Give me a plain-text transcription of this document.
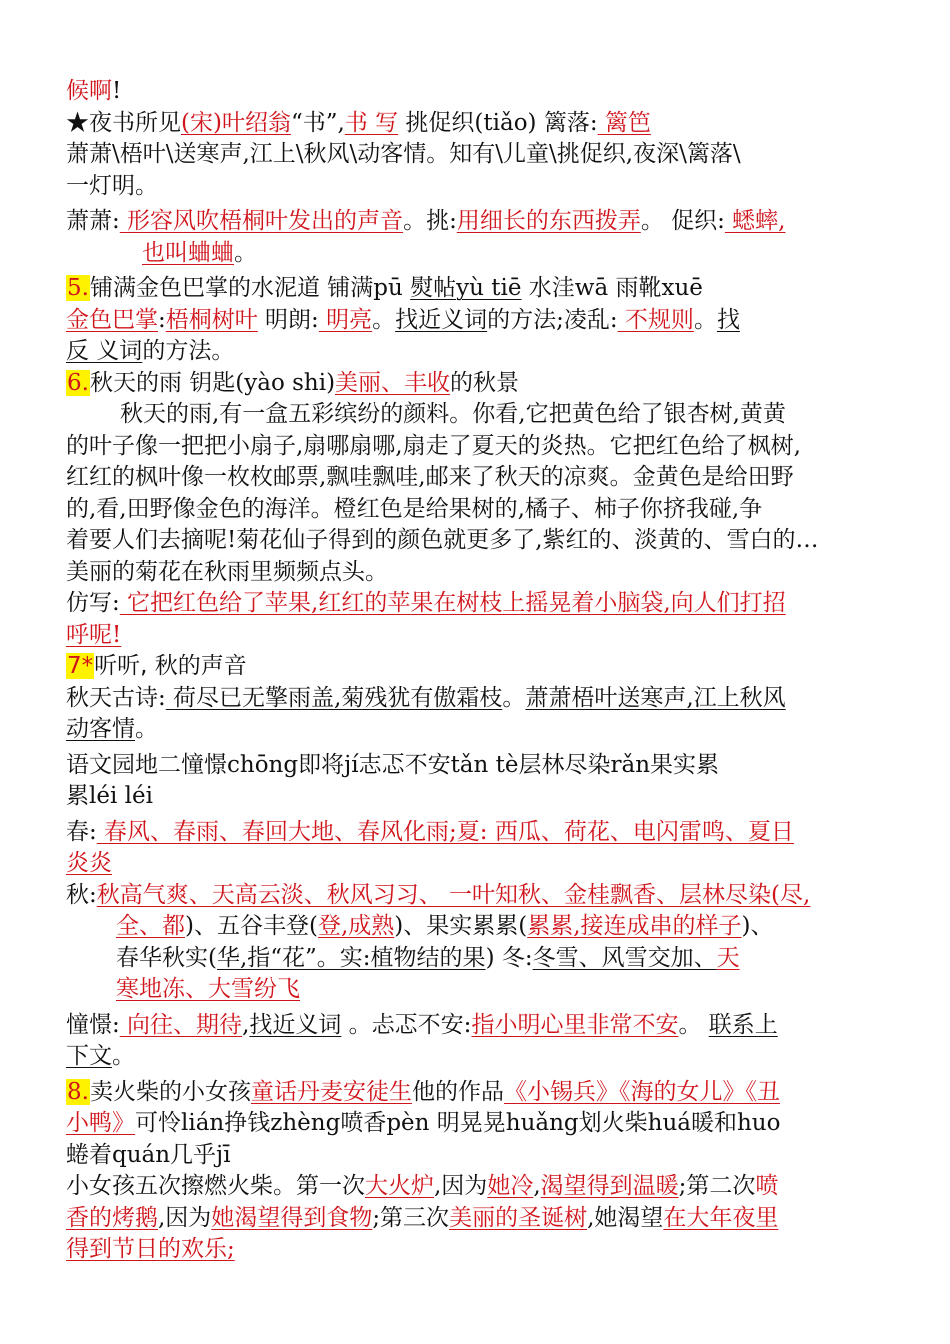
候啊!
★夜书所见(宋)叶绍翁“书”,书 写 挑促织(tiǎo) 篱落: 篱笆
萧萧\梧叶\送寒声,江上\秋风\动客情。知有\儿童\挑促织,夜深\篱落\
一灯明。
萧萧: 形容风吹梧桐叶发出的声音。挑:用细长的东西拨弄。 促织: 蟋蟀,
也叫蛐蛐。
5.铺满金色巴掌的水泥道 铺满pū 熨帖yù tiē 水洼wā 雨靴xuē
金色巴掌:梧桐树叶 明朗: 明亮。找近义词的方法;凌乱: 不规则。找
反 义词的方法。
6.秋天的雨 钥匙(yào shi)美丽、丰收的秋景
秋天的雨,有一盒五彩缤纷的颜料。你看,它把黄色给了银杏树,黄黄
的叶子像一把把小扇子,扇哪扇哪,扇走了夏天的炎热。它把红色给了枫树,
红红的枫叶像一枚枚邮票,飘哇飘哇,邮来了秋天的凉爽。金黄色是给田野
的,看,田野像金色的海洋。橙红色是给果树的,橘子、柿子你挤我碰,争
着要人们去摘呢!菊花仙子得到的颜色就更多了,紫红的、淡黄的、雪白的…
美丽的菊花在秋雨里频频点头。
仿写: 它把红色给了苹果,红红的苹果在树枝上摇晃着小脑袋,向人们打招
呼呢!
7*听听, 秋的声音
秋天古诗: 荷尽已无擎雨盖,菊残犹有傲霜枝。萧萧梧叶送寒声,江上秋风
动客情。
语文园地二憧憬chōng即将jí志忑不安tǎn tè层林尽染rǎn果实累
累léi léi
春: 春风、春雨、春回大地、春风化雨;夏: 西瓜、荷花、电闪雷鸣、夏日
炎炎
秋:秋高气爽、天高云淡、秋风习习、 一叶知秋、金桂飘香、层林尽染(尽,
全、都)、五谷丰登(登,成熟)、果实累累(累累,接连成串的样子)、
春华秋实(华,指“花”。实:植物结的果) 冬:冬雪、风雪交加、天
寒地冻、大雪纷飞
憧憬: 向往、期待,找近义词 。忐忑不安:指小明心里非常不安。 联系上
下文。
8.卖火柴的小女孩童话丹麦安徒生他的作品《小锡兵》《海的女儿》《丑
小鸭》可怜lián挣钱zhèng喷香pèn 明晃晃huǎng划火柴huá暖和huo
蜷着quán几乎jī
小女孩五次擦燃火柴。第一次大火炉,因为她冷,渴望得到温暖;第二次喷
香的烤鹅,因为她渴望得到食物;第三次美丽的圣诞树,她渴望在大年夜里
得到节日的欢乐;
